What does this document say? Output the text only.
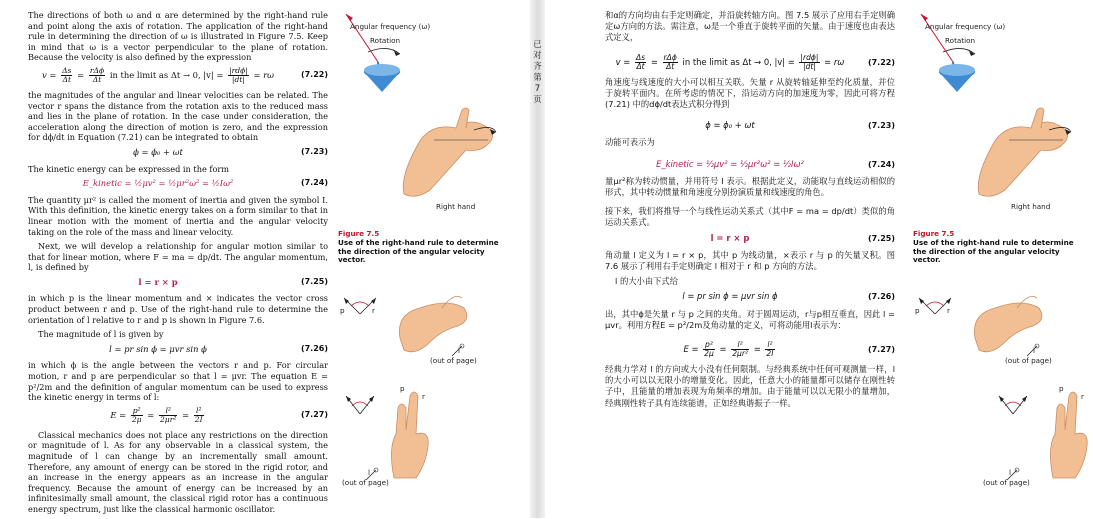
The directions of both ω and α are determined by the right-hand rule and point along the axis of rotation. The application of the right-hand rule in determining the direction of ω is illustrated in Figure 7.5. Keep in mind that ω is a vector perpendicular to the plane of rotation. Because the velocity is also defined by the expression

$v = \frac{\Delta s}{\Delta t} = \frac{\text{rΔϕ}}{\Delta t}$ in the limit as Δt → 0, $|v| = \frac{\text{|rdϕ|}}{|dt|} = r\omega$	(7.22)

the magnitudes of the angular and linear velocities can be related. The vector r spans the distance from the rotation axis to the reduced mass and lies in the plane of rotation. In the case under consideration, the acceleration along the direction of motion is zero, and the expression for dϕ/dt in Equation (7.21) can be integrated to obtain

ϕ = ϕ₀ + ωt	(7.23)

The kinetic energy can be expressed in the form

E_kinetic = ½μv² = ½μr²ω² = ½Iω²	(7.24)

The quantity μr² is called the moment of inertia and given the symbol I. With this definition, the kinetic energy takes on a form similar to that in linear motion with the moment of inertia and the angular velocity taking on the role of the mass and linear velocity.

Next, we will develop a relationship for angular motion similar to that for linear motion, where F = ma = dp/dt. The angular momentum, l, is defined by

l = r × p	(7.25)

in which p is the linear momentum and × indicates the vector cross product between r and p. Use of the right-hand rule to determine the orientation of l relative to r and p is shown in Figure 7.6.

The magnitude of l is given by

l = pr sin ϕ = μvr sin ϕ	(7.26)

in which ϕ is the angle between the vectors r and p. For circular motion, r and p are perpendicular so that l = μvr. The equation E = p²/2m and the definition of angular momentum can be used to express the kinetic energy in terms of l:

$E = \frac{\text{p²}}{2\mu} = \frac{\text{l²}}{\text{2μr²}} = \frac{\text{l²}}{2I}$	(7.27)

Classical mechanics does not place any restrictions on the direction or magnitude of l. As for any observable in a classical system, the magnitude of l can change by an incrementally small amount. Therefore, any amount of energy can be stored in the rigid rotor, and an increase in the energy appears as an increase in the angular frequency. Because the amount of energy can be increased by an infinitesimally small amount, the classical rigid rotor has a continuous energy spectrum, just like the classical harmonic oscillator.

Angular frequency (ω)
Rotation
Right hand
Figure 7.5
Use of the right-hand rule to determine the direction of the angular velocity vector.
p	r
l
(out of page)
p
r
l
(out of page)
已对齐第 7 页

和α的方向均由右手定则确定，并沿旋转轴方向。图 7.5 展示了应用右手定则确定ω方向的方法。需注意，ω是一个垂直于旋转平面的矢量。由于速度也由表达式定义，

$v = \frac{\Delta s}{\Delta t} = \frac{\text{rΔϕ}}{\Delta t}$ in the limit as Δt → 0, $|v| = \frac{\text{|rdϕ|}}{|dt|} = r\omega$	(7.22)

角速度与线速度的大小可以相互关联。矢量 r 从旋转轴延伸至约化质量，并位于旋转平面内。在所考虑的情况下，沿运动方向的加速度为零，因此可将方程 (7.21) 中的dϕ/dt表达式积分得到

ϕ = ϕ₀ + ωt	(7.23)

动能可表示为

E_kinetic = ½μv² = ½μr²ω² = ½Iω²	(7.24)

量μr²称为转动惯量，并用符号 I 表示。根据此定义，动能取与直线运动相似的形式，其中转动惯量和角速度分别扮演质量和线速度的角色。

接下来，我们将推导一个与线性运动关系式（其中F = ma = dp/dt）类似的角运动关系式。

l = r × p	(7.25)

角动量 l 定义为 l = r × p，其中 p 为线动量，×表示 r 与 p 的矢量叉积。图 7.6 展示了利用右手定则确定 l 相对于 r 和 p 方向的方法。

l 的大小由下式给

l = pr sin ϕ = μvr sin ϕ	(7.26)

出，其中ϕ是矢量 r 与 p 之间的夹角。对于圆周运动，r与p相互垂直，因此 l = μvr。利用方程E = p²/2m及角动量的定义，可将动能用l表示为：

$E = \frac{\text{p²}}{2\mu} = \frac{\text{l²}}{\text{2μr²}} = \frac{\text{l²}}{2I}$	(7.27)

经典力学对 l 的方向或大小没有任何限制。与经典系统中任何可观测量一样，l 的大小可以以无限小的增量变化。因此，任意大小的能量都可以储存在刚性转子中，且能量的增加表现为角频率的增加。由于能量可以以无限小的量增加，经典刚性转子具有连续能谱，正如经典谐振子一样。

Angular frequency (ω)
Rotation
Right hand
Figure 7.5
Use of the right-hand rule to determine the direction of the angular velocity vector.
p	r
l
(out of page)
p
r
l
(out of page)
